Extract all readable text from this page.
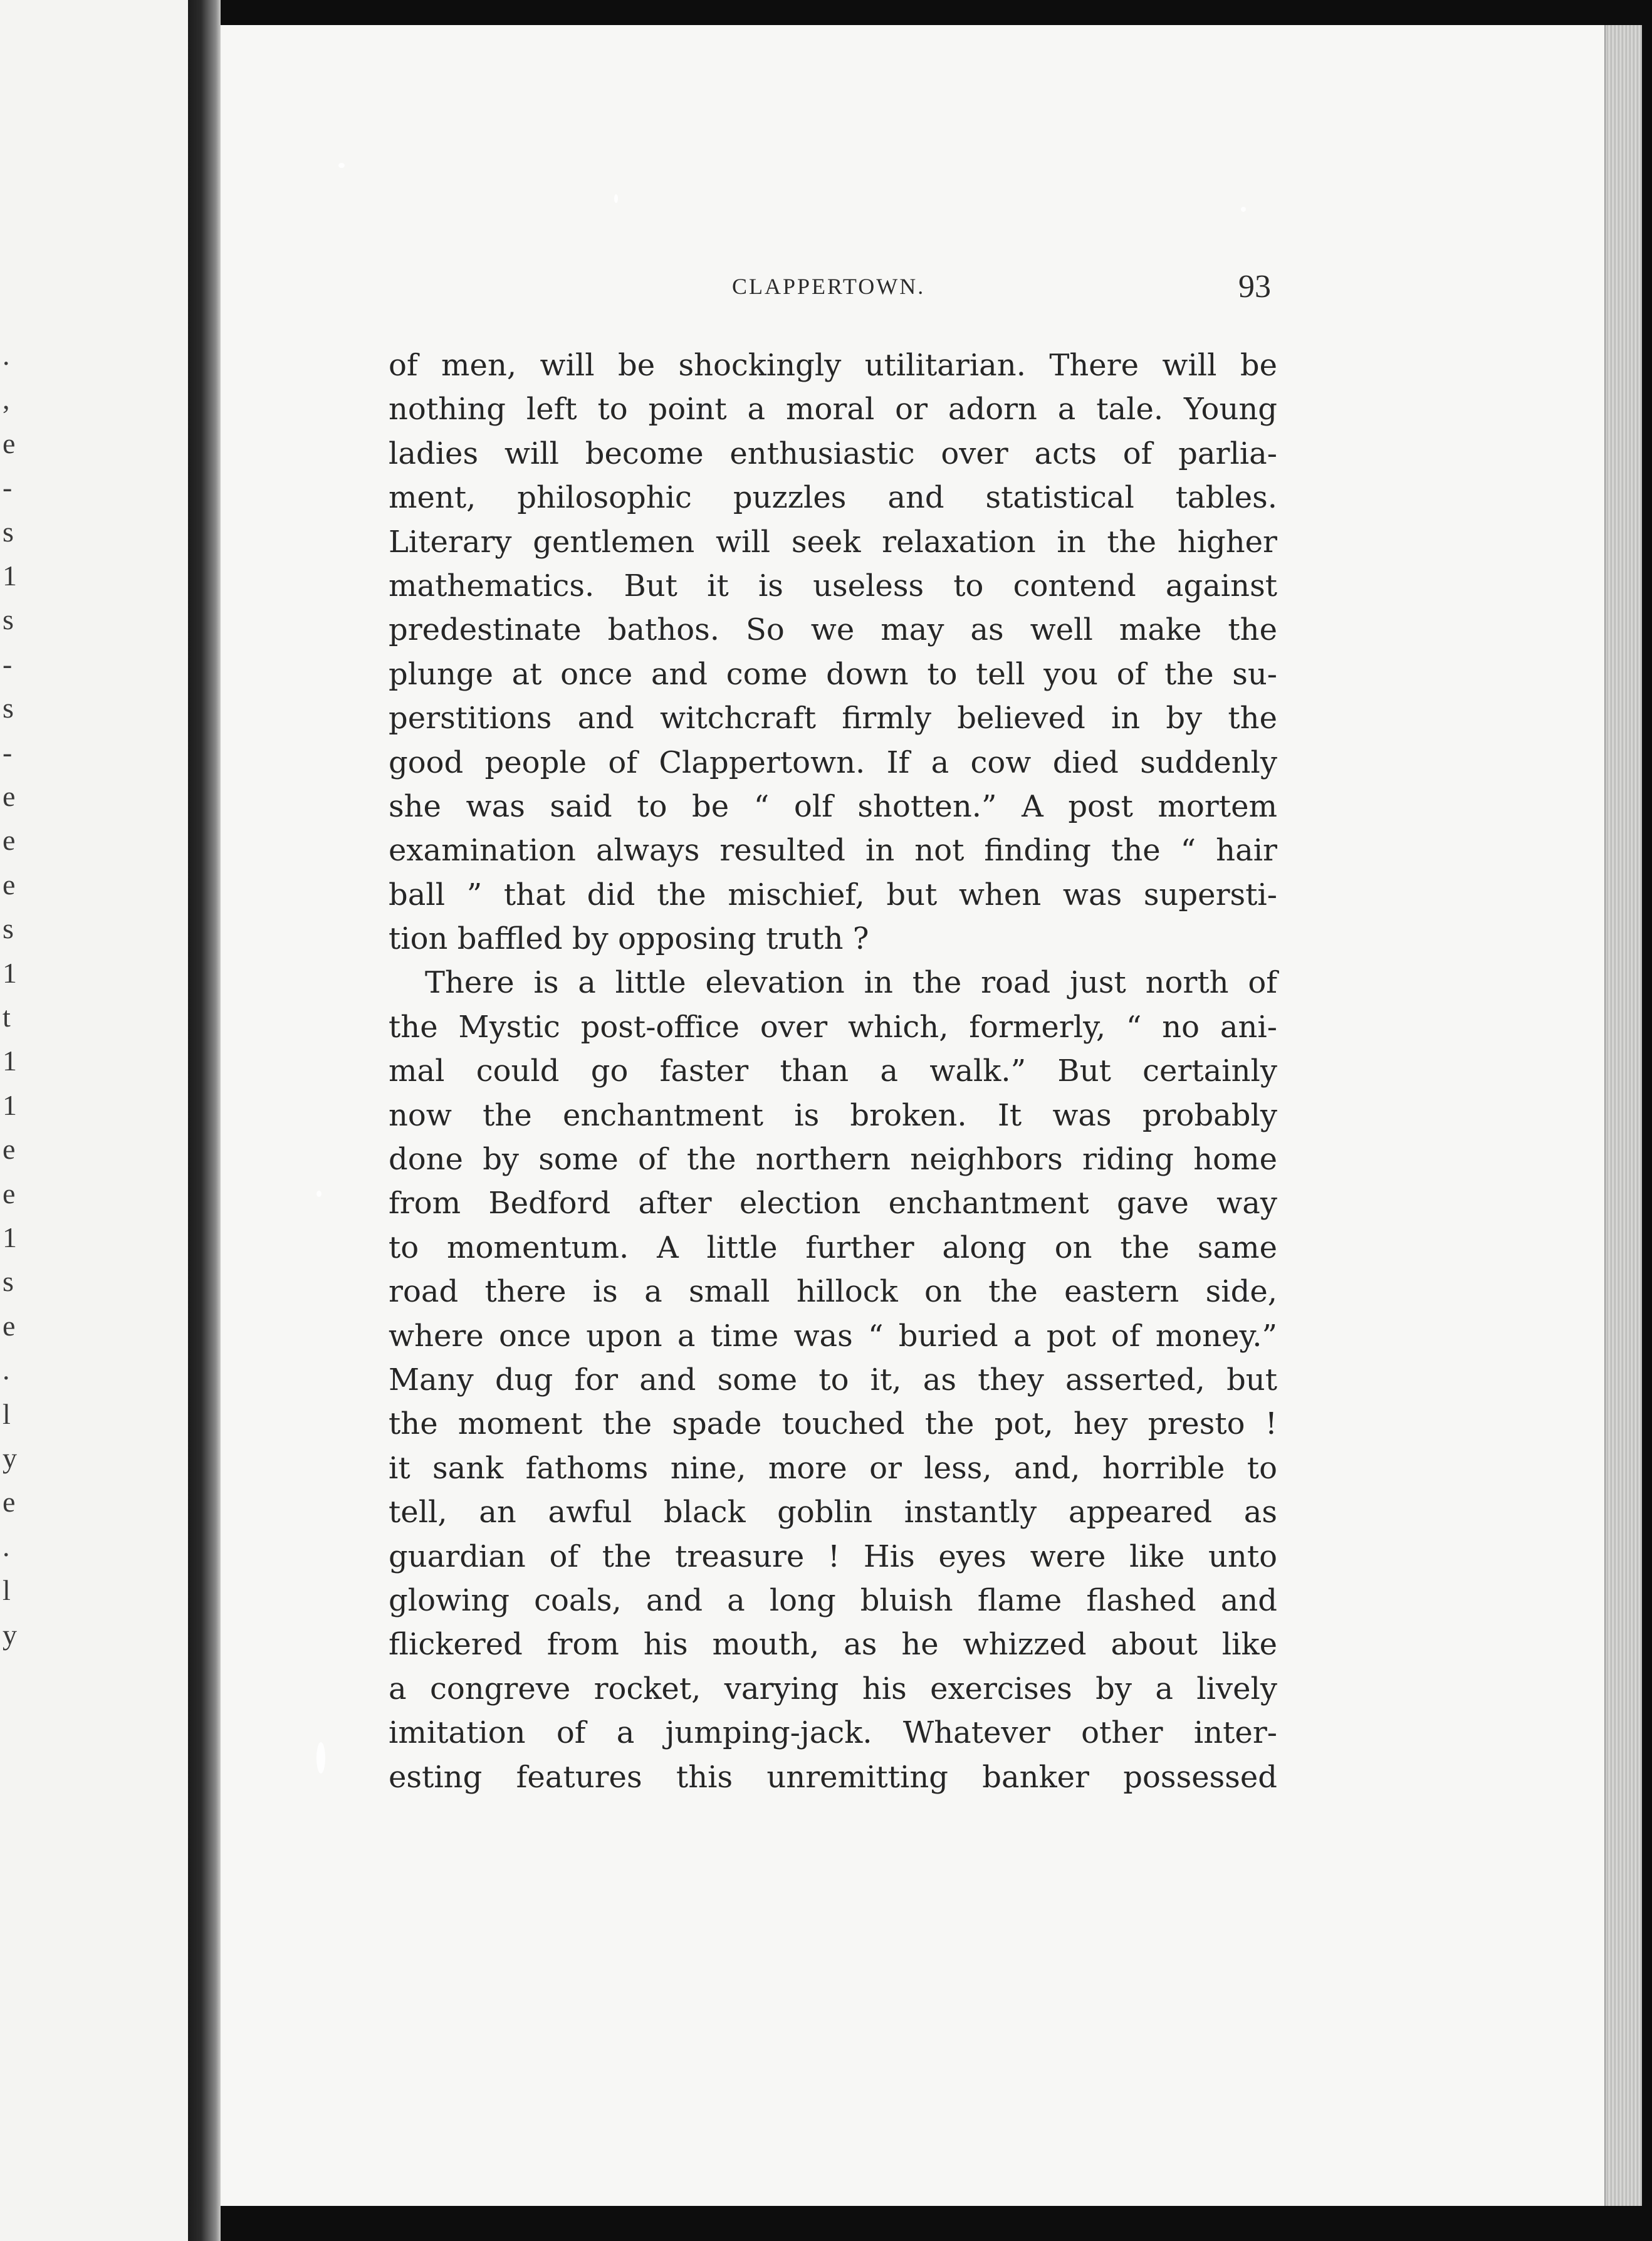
.
,
e
-
s
1
s
-
s
-
e
e
e
s
1
t
1
1
e
e
1
s
e
.
l
y
e
.
l
y
CLAPPERTOWN.	93
of men, will be shockingly utilitarian. There will be
nothing left to point a moral or adorn a tale. Young
ladies will become enthusiastic over acts of parlia-
ment, philosophic puzzles and statistical tables.
Literary gentlemen will seek relaxation in the higher
mathematics. But it is useless to contend against
predestinate bathos. So we may as well make the
plunge at once and come down to tell you of the su-
perstitions and witchcraft firmly believed in by the
good people of Clappertown. If a cow died suddenly
she was said to be “ olf shotten.” A post mortem
examination always resulted in not finding the “ hair
ball ” that did the mischief, but when was supersti-
tion baffled by opposing truth ?
There is a little elevation in the road just north of
the Mystic post-office over which, formerly, “ no ani-
mal could go faster than a walk.” But certainly
now the enchantment is broken. It was probably
done by some of the northern neighbors riding home
from Bedford after election enchantment gave way
to momentum. A little further along on the same
road there is a small hillock on the eastern side,
where once upon a time was “ buried a pot of money.”
Many dug for and some to it, as they asserted, but
the moment the spade touched the pot, hey presto !
it sank fathoms nine, more or less, and, horrible to
tell, an awful black goblin instantly appeared as
guardian of the treasure ! His eyes were like unto
glowing coals, and a long bluish flame flashed and
flickered from his mouth, as he whizzed about like
a congreve rocket, varying his exercises by a lively
imitation of a jumping-jack. Whatever other inter-
esting features this unremitting banker possessed
